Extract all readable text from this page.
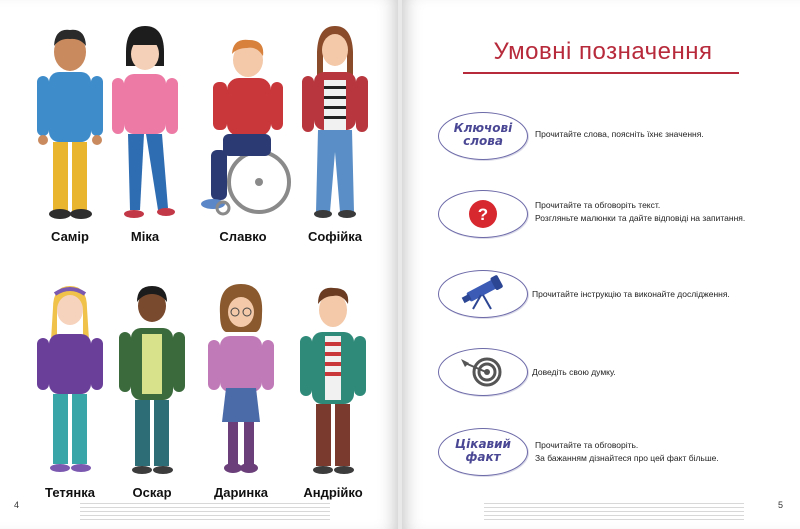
Самір	Міка	Славко	Софійка
Тетянка	Оскар	Даринка	Андрійко
4
Умовні позначення
Ключові
слова	Прочитайте слова, поясніть їхнє значення.
?	Прочитайте та обговоріть текст.
Розгляньте малюнки та дайте відповіді на запитання.
Прочитайте інструкцію та виконайте дослідження.
Доведіть свою думку.
Цікавий
факт
Прочитайте та обговоріть.
За бажанням дізнайтеся про цей факт більше.
5
